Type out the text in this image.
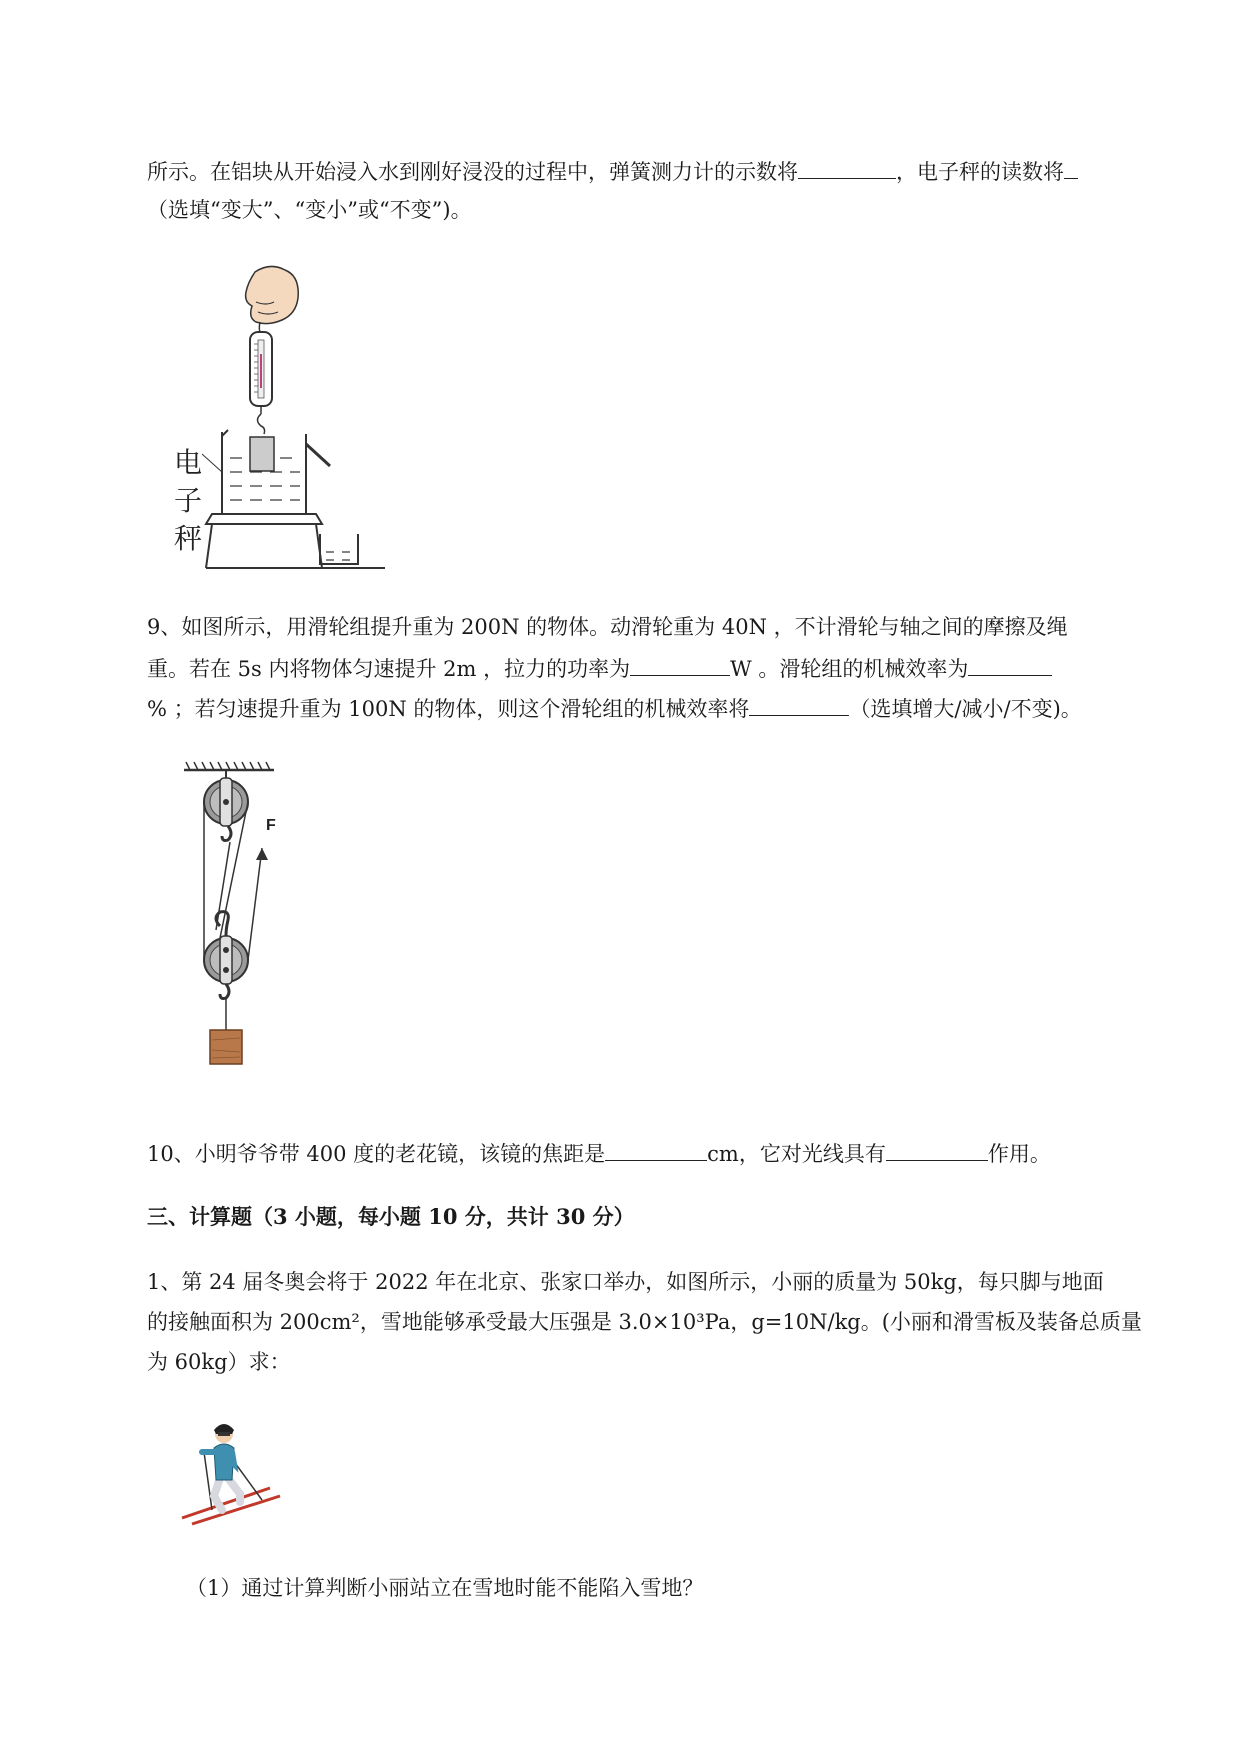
所示。在铝块从开始浸入水到刚好浸没的过程中，弹簧测力计的示数将	，电子秤的读数将
（选填“变大”、“变小”或“不变”)。
电
子
秤
9、如图所示，用滑轮组提升重为 200N 的物体。动滑轮重为 40N ，不计滑轮与轴之间的摩擦及绳
重。若在 5s 内将物体匀速提升 2m ，拉力的功率为	W 。滑轮组的机械效率为
% ；若匀速提升重为 100N 的物体，则这个滑轮组的机械效率将	（选填增大/减小/不变)。
F
10、小明爷爷带 400 度的老花镜，该镜的焦距是	cm，它对光线具有	作用。
三、计算题（3 小题，每小题 10 分，共计 30 分）
1、第 24 届冬奥会将于 2022 年在北京、张家口举办，如图所示，小丽的质量为 50kg，每只脚与地面
的接触面积为 200cm²，雪地能够承受最大压强是 3.0×10³Pa，g=10N/kg。(小丽和滑雪板及装备总质量
为 60kg）求：
（1）通过计算判断小丽站立在雪地时能不能陷入雪地？
